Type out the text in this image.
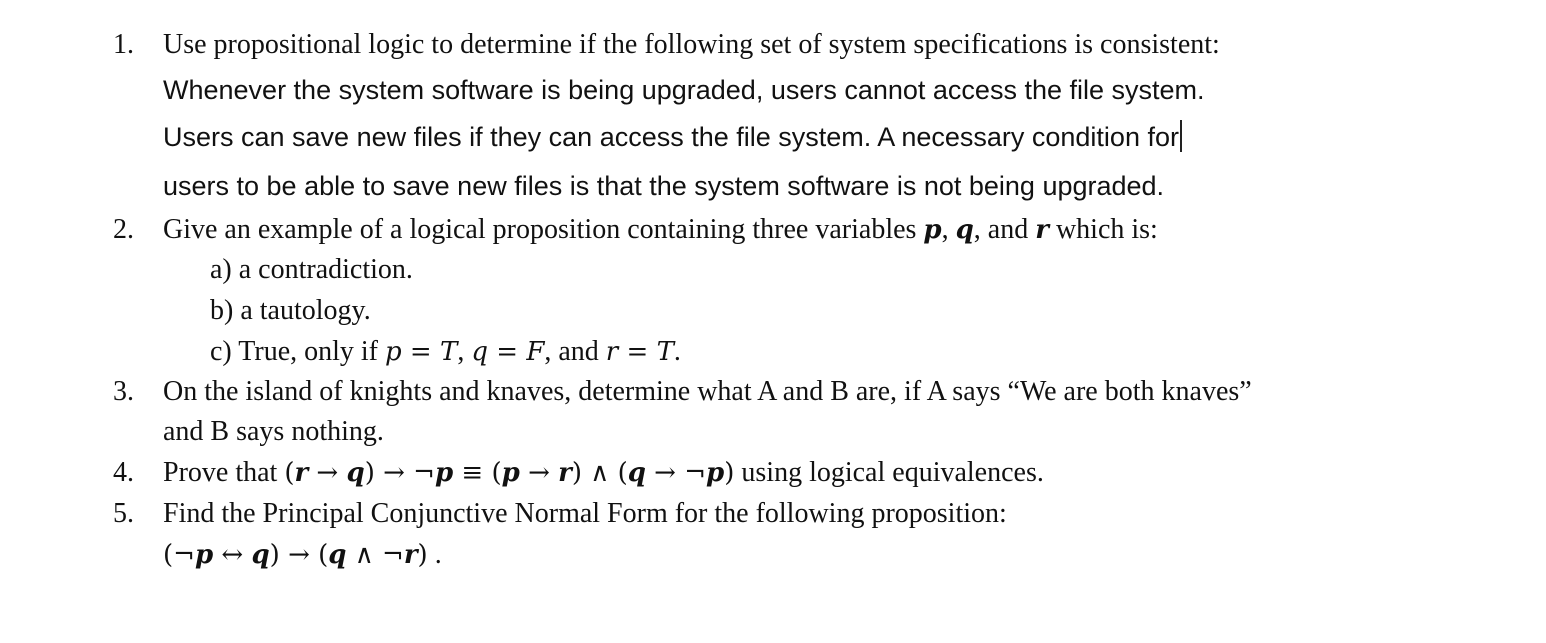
1. Use propositional logic to determine if the following set of system specifications is consistent:
Whenever the system software is being upgraded, users cannot access the file system.
Users can save new files if they can access the file system. A necessary condition for
users to be able to save new files is that the system software is not being upgraded.
2. Give an example of a logical proposition containing three variables p, q, and r which is:
a) a contradiction.
b) a tautology.
c) True, only if p = T, q = F, and r = T.
3. On the island of knights and knaves, determine what A and B are, if A says “We are both knaves”
and B says nothing.
4. Prove that (r → q) → ¬p ≡ (p → r) ∧ (q → ¬p) using logical equivalences.
5. Find the Principal Conjunctive Normal Form for the following proposition:
(¬p ↔ q) → (q ∧ ¬r) .
